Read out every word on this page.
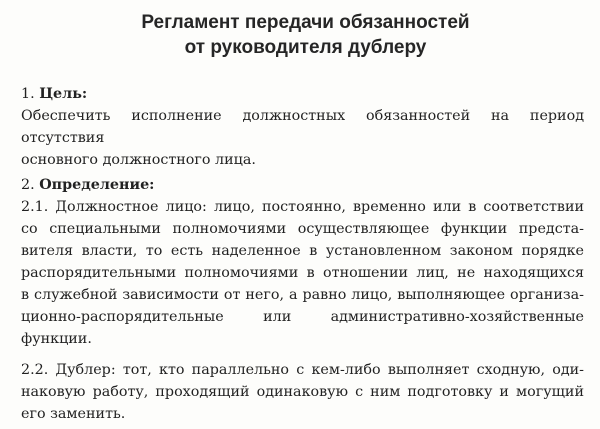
Регламент передачи обязанностей
от руководителя дублеру
1. Цель:
Обеспечить исполнение должностных обязанностей на период отсутствия
основного должностного лица.
2. Определение:
2.1. Должностное лицо: лицо, постоянно, временно или в соответствии
со специальными полномочиями осуществляющее функции предста-
вителя власти, то есть наделенное в установленном законом порядке
распорядительными полномочиями в отношении лиц, не находящихся
в служебной зависимости от него, а равно лицо, выполняющее организа-
ционно-распорядительные или административно-хозяйственные функции.
2.2. Дублер: тот, кто параллельно с кем-либо выполняет сходную, оди-
наковую работу, проходящий одинаковую с ним подготовку и могущий
его заменить.
